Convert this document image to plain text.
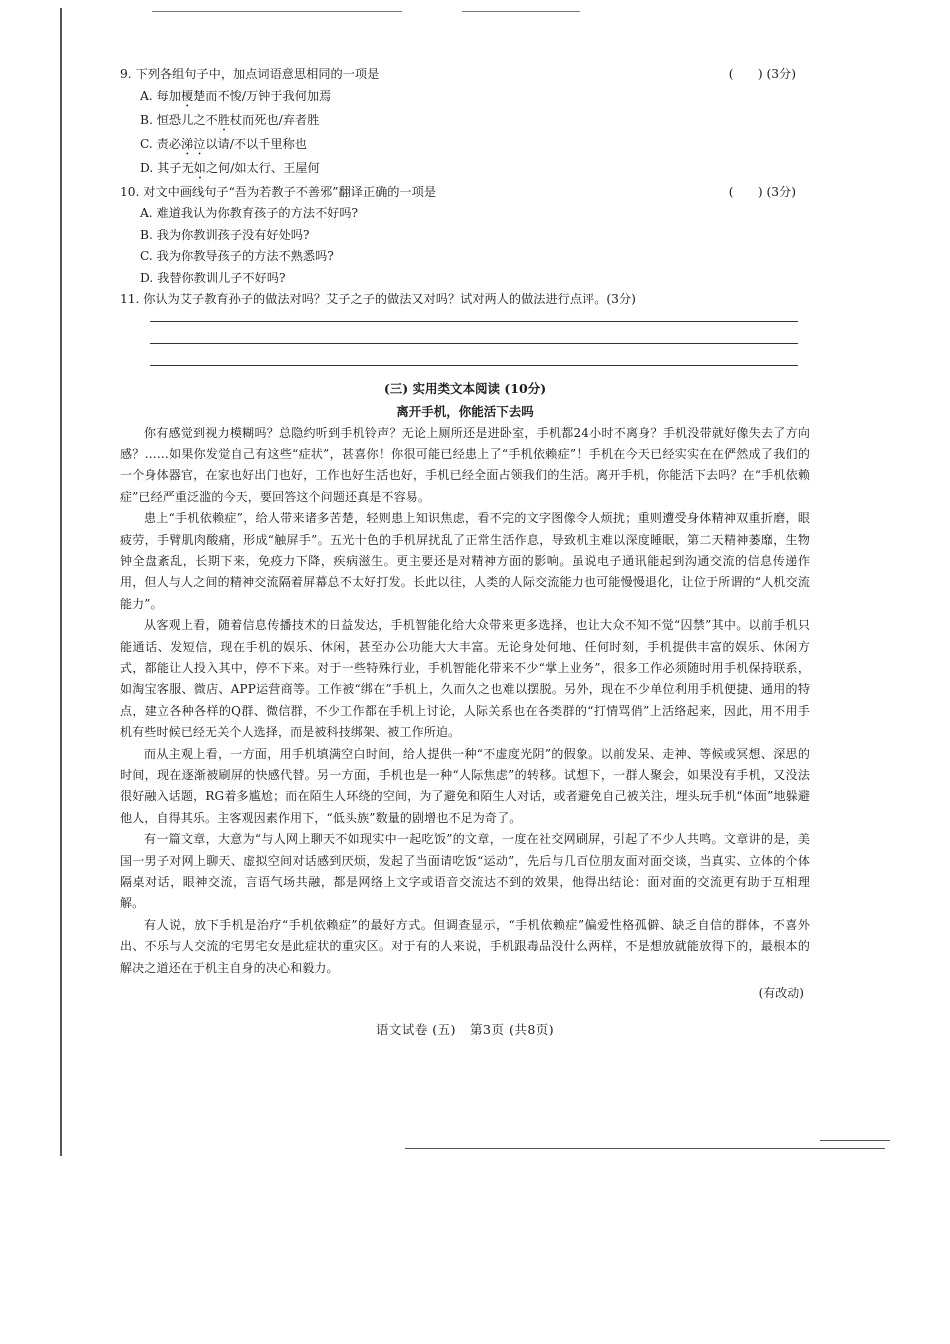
9. 下列各组句子中，加点词语意思相同的一项是	(　　) (3分)
A. 每加榎楚而不悛/万钟于我何加焉
B. 恒恐儿之不胜杖而死也/弃者胜
C. 责必涕泣以请/不以千里称也
D. 其子无如之何/如太行、王屋何
10. 对文中画线句子“吾为若教子不善邪”翻译正确的一项是	(　　) (3分)
A. 难道我认为你教育孩子的方法不好吗?
B. 我为你教训孩子没有好处吗?
C. 我为你教导孩子的方法不熟悉吗?
D. 我替你教训儿子不好吗?
11. 你认为艾子教育孙子的做法对吗？艾子之子的做法又对吗？试对两人的做法进行点评。(3分)
(三) 实用类文本阅读 (10分)
离开手机，你能活下去吗

你有感觉到视力模糊吗？总隐约听到手机铃声？无论上厕所还是进卧室，手机都24小时不离身？手机没带就好像失去了方向感？……如果你发觉自己有这些“症状”，甚喜你！你很可能已经患上了“手机依赖症”！手机在今天已经实实在在俨然成了我们的一个身体器官，在家也好出门也好，工作也好生活也好，手机已经全面占领我们的生活。离开手机，你能活下去吗？在“手机依赖症”已经严重泛滥的今天，要回答这个问题还真是不容易。

患上“手机依赖症”，给人带来诸多苦楚，轻则患上知识焦虑，看不完的文字图像令人烦扰；重则遭受身体精神双重折磨，眼疲劳，手臂肌肉酸痛，形成“触屏手”。五光十色的手机屏扰乱了正常生活作息，导致机主难以深度睡眠，第二天精神萎靡，生物钟全盘紊乱，长期下来，免疫力下降，疾病滋生。更主要还是对精神方面的影响。虽说电子通讯能起到沟通交流的信息传递作用，但人与人之间的精神交流隔着屏幕总不太好打发。长此以往，人类的人际交流能力也可能慢慢退化，让位于所谓的“人机交流能力”。

从客观上看，随着信息传播技术的日益发达，手机智能化给大众带来更多选择，也让大众不知不觉“囚禁”其中。以前手机只能通话、发短信，现在手机的娱乐、休闲，甚至办公功能大大丰富。无论身处何地、任何时刻，手机提供丰富的娱乐、休闲方式，都能让人投入其中，停不下来。对于一些特殊行业，手机智能化带来不少“掌上业务”，很多工作必须随时用手机保持联系，如淘宝客服、微店、APP运营商等。工作被“绑在”手机上，久而久之也难以摆脱。另外，现在不少单位利用手机便捷、通用的特点，建立各种各样的Q群、微信群，不少工作都在手机上讨论，人际关系也在各类群的“打情骂俏”上活络起来，因此，用不用手机有些时候已经无关个人选择，而是被科技绑架、被工作所迫。

而从主观上看，一方面，用手机填满空白时间，给人提供一种“不虚度光阴”的假象。以前发呆、走神、等候或冥想、深思的时间，现在逐渐被刷屏的快感代替。另一方面，手机也是一种“人际焦虑”的转移。试想下，一群人聚会，如果没有手机，又没法很好融入话题，RG着多尴尬；而在陌生人环绕的空间，为了避免和陌生人对话，或者避免自己被关注，埋头玩手机“体面”地躲避他人，自得其乐。主客观因素作用下，“低头族”数量的剧增也不足为奇了。

有一篇文章，大意为“与人网上聊天不如现实中一起吃饭”的文章，一度在社交网刷屏，引起了不少人共鸣。文章讲的是，美国一男子对网上聊天、虚拟空间对话感到厌烦，发起了当面请吃饭“运动”，先后与几百位朋友面对面交谈，当真实、立体的个体隔桌对话，眼神交流，言语气场共融，都是网络上文字或语音交流达不到的效果，他得出结论：面对面的交流更有助于互相理解。

有人说，放下手机是治疗“手机依赖症”的最好方式。但调查显示，“手机依赖症”偏爱性格孤僻、缺乏自信的群体，不喜外出、不乐与人交流的宅男宅女是此症状的重灾区。对于有的人来说，手机跟毒品没什么两样，不是想放就能放得下的，最根本的解决之道还在于机主自身的决心和毅力。

(有改动)
语文试卷 (五) 第3页 (共8页)
